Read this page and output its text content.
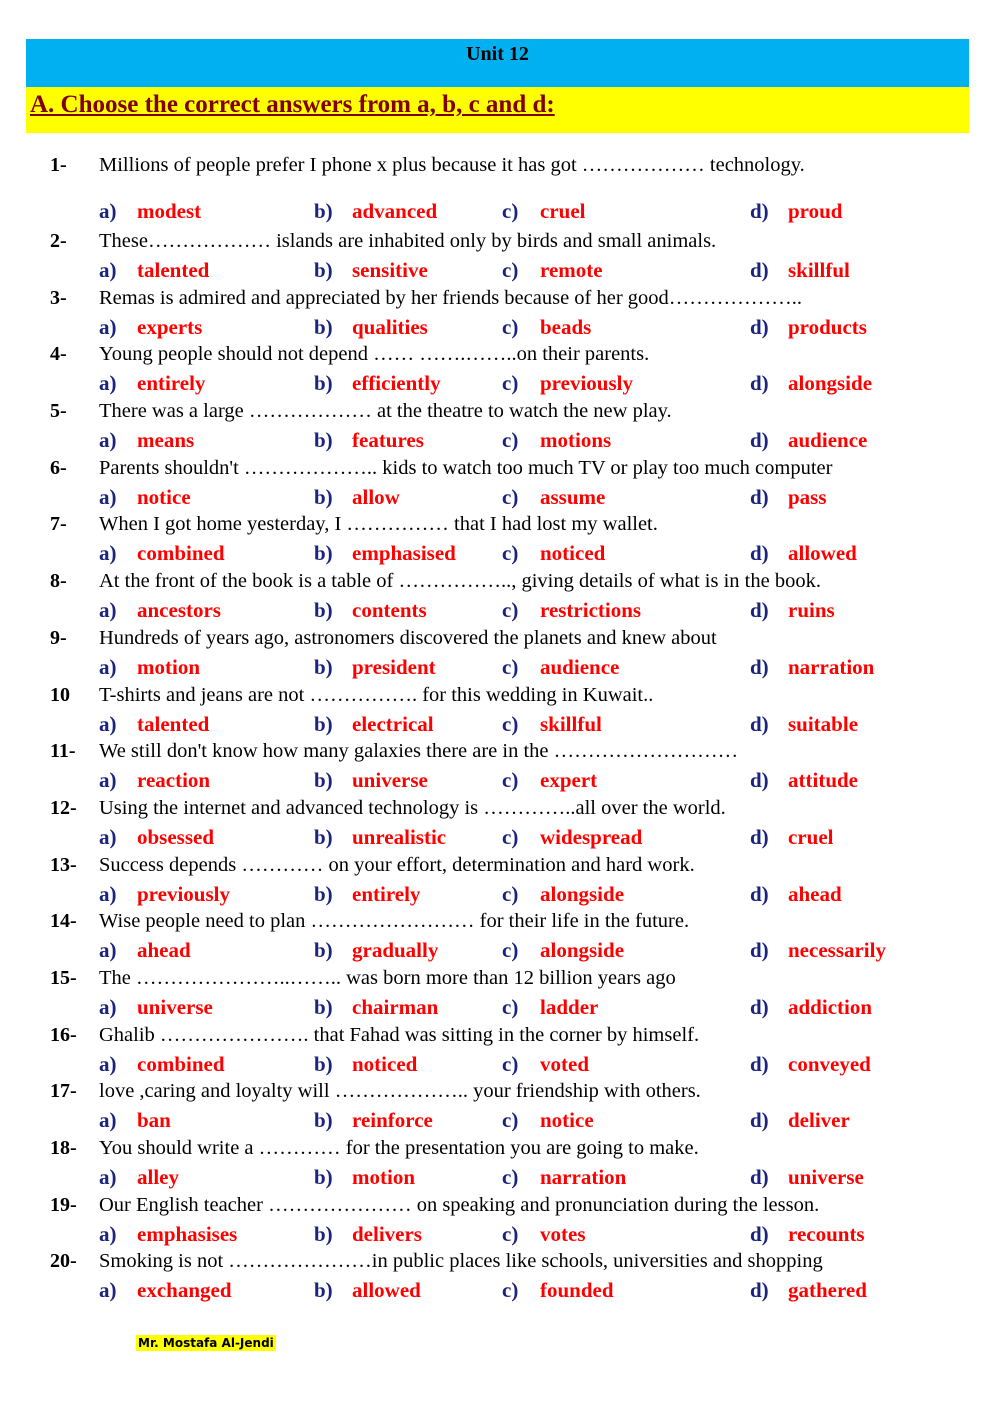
Unit 12
A. Choose the correct answers from a, b, c and d:
1- Millions of people prefer I phone x plus because it has got ……………… technology.
a) modest	b) advanced	c) cruel	d) proud
2- These……………… islands are inhabited only by birds and small animals.
a) talented	b) sensitive	c) remote	d) skillful
3- Remas is admired and appreciated by her friends because of her good………………..
a) experts	b) qualities	c) beads	d) products
4- Young people should not depend …… …….……..on their parents.
a) entirely	b) efficiently	c) previously	d) alongside
5- There was a large ……………… at the theatre to watch the new play.
a) means	b) features	c) motions	d) audience
6- Parents shouldn't ……………….. kids to watch too much TV or play too much computer
a) notice	b) allow	c) assume	d) pass
7- When I got home yesterday, I …………… that I had lost my wallet.
a) combined	b) emphasised c) noticed	d) allowed
8- At the front of the book is a table of …………….., giving details of what is in the book.
a) ancestors	b) contents	c) restrictions	d) ruins
9- Hundreds of years ago, astronomers discovered the planets and knew about
a) motion	b) president	c) audience	d) narration
10 T-shirts and jeans are not ……………. for this wedding in Kuwait..
a) talented	b) electrical	c) skillful	d) suitable
11- We still don't know how many galaxies there are in the ………………………
a) reaction	b) universe	c) expert	d) attitude
12- Using the internet and advanced technology is …………..all over the world.
a) obsessed	b) unrealistic	c) widespread	d) cruel
13- Success depends ………… on your effort, determination and hard work.
a) previously	b) entirely	c) alongside	d) ahead
14- Wise people need to plan …………………… for their life in the future.
a) ahead	b) gradually	c) alongside	d) necessarily
15- The …………………..…….. was born more than 12 billion years ago
a) universe	b) chairman	c) ladder	d) addiction
16- Ghalib …………………. that Fahad was sitting in the corner by himself.
a) combined	b) noticed	c) voted	d) conveyed
17- love ,caring and loyalty will ……………….. your friendship with others.
a) ban	b) reinforce	c) notice	d) deliver
18- You should write a ………… for the presentation you are going to make.
a) alley	b) motion	c) narration	d) universe
19- Our English teacher ………………… on speaking and pronunciation during the lesson.
a) emphasises	b) delivers	c) votes	d) recounts
20- Smoking is not …………………in public places like schools, universities and shopping
a) exchanged	b) allowed	c) founded	d) gathered
Mr. Mostafa Al-Jendi
